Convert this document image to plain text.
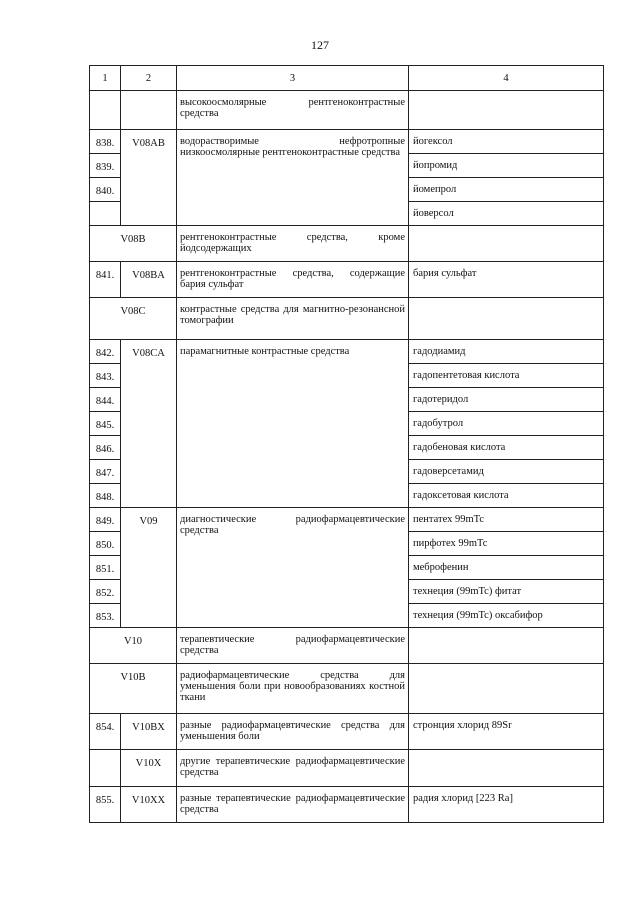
127
1	2	3	4
		высокоосмолярные рентгеноконтрастные средства	
838.	V08AB	водорастворимые нефротропные низкоосмолярные рентгеноконтрастные средства	йогексол
839.			йопромид
840.			йомепрол
			йоверсол
V08B		рентгеноконтрастные средства, кроме йодсодержащих	
841.	V08BA	рентгеноконтрастные средства, содержащие бария сульфат	бария сульфат
V08C		контрастные средства для магнитно-резонансной томографии	
842.	V08CA	парамагнитные контрастные средства	гадодиамид
843.			гадопентетовая кислота
844.			гадотеридол
845.			гадобутрол
846.			гадобеновая кислота
847.			гадоверсетамид
848.			гадоксетовая кислота
849.	V09	диагностические радиофармацевтические средства	пентатех 99mTc
850.			пирфотех 99mTc
851.			меброфенин
852.			технеция (99mTc) фитат
853.			технеция (99mTc) оксабифор
V10		терапевтические радиофармацевтические средства	
V10B		радиофармацевтические средства для уменьшения боли при новообразованиях костной ткани	
854.	V10BX	разные радиофармацевтические средства для уменьшения боли	стронция хлорид 89Sr
	V10X	другие терапевтические радиофармацевтические средства	
855.	V10XX	разные терапевтические радиофармацевтические средства	радия хлорид [223 Ra]
